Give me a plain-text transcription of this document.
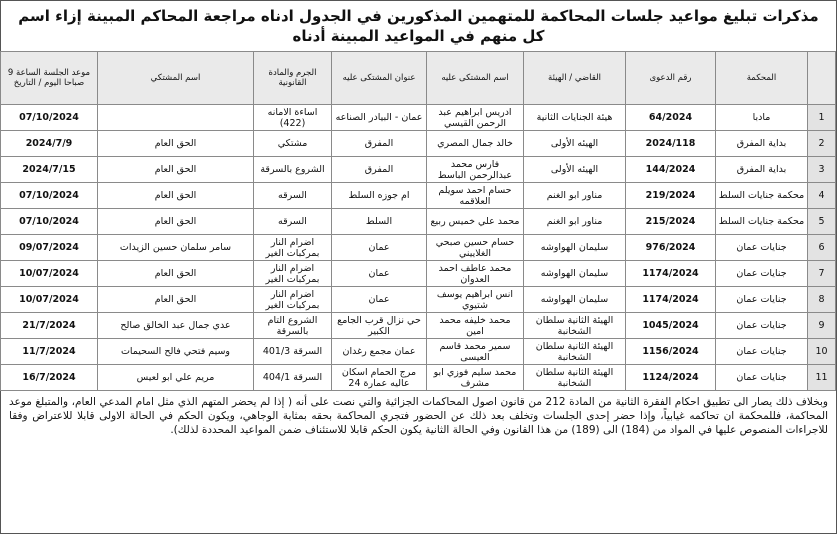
مذكرات تبليغ مواعيد جلسات المحاكمة للمتهمين المذكورين في الجدول ادناه مراجعة المحاكم المبينة إزاء اسم كل منهم في المواعيد المبينة أدناه
	المحكمة	رقم الدعوى	القاضي / الهيئة	اسم المشتكى عليه	عنوان المشتكى عليه	الجرم والمادة القانونية	اسم المشتكي	موعد الجلسة الساعة 9 صباحا اليوم / التاريخ
1	مادبا	64/2024	هيئة الجنايات الثانية	ادريس ابراهيم عبد الرحمن القيسي	عمان - البيادر الصناعه	اساءة الامانه (422)		07/10/2024
2	بداية المفرق	2024/118	الهيئه الأولى	خالد جمال المصري	المفرق	مشتكي	الحق العام	2024/7/9
3	بداية المفرق	144/2024	الهيئه الأولى	فارس محمد عبدالرحمن الباسط	المفرق	الشروع بالسرقة	الحق العام	2024/7/15
4	محكمة جنايات السلط	219/2024	مناور ابو الغنم	حسام احمد سويلم العلاقمه	ام جوزه السلط	السرقه	الحق العام	07/10/2024
5	محكمة جنايات السلط	215/2024	مناور ابو الغنم	محمد علي خميس ربيع	السلط	السرقه	الحق العام	07/10/2024
6	جنايات عمان	976/2024	سليمان الهواوشه	حسام حسين صبحي الغلاييني	عمان	اضرام النار بمركبات الغير	سامر سلمان حسين الزيدات	09/07/2024
7	جنايات عمان	1174/2024	سليمان الهواوشه	محمد عاطف احمد العدوان	عمان	اضرام النار بمركبات الغير	الحق العام	10/07/2024
8	جنايات عمان	1174/2024	سليمان الهواوشه	انس ابراهيم يوسف شتيوي	عمان	اضرام النار بمركبات الغير	الحق العام	10/07/2024
9	جنايات عمان	1045/2024	الهيئة الثانية سلطان الشخانبة	محمد خليفه محمد امين	حي نزال قرب الجامع الكبير	الشروع التام بالسرقة	عدي جمال عبد الخالق صالح	21/7/2024
10	جنايات عمان	1156/2024	الهيئة الثانية سلطان الشخانبة	سمير محمد قاسم العيسى	عمان مجمع رغدان	السرقة 401/3	وسيم فتحي فالح السحيمات	11/7/2024
11	جنايات عمان	1124/2024	الهيئة الثانية سلطان الشخانبة	محمد سليم فوزي ابو مشرف	مرج الحمام اسكان عاليه عمارة 24	السرقة 404/1	مريم علي ابو لعيس	16/7/2024
وبخلاف ذلك يصار الى تطبيق احكام الفقرة الثانية من المادة 212 من قانون اصول المحاكمات الجزائية والتي نصت على أنه ( إذا لم يحضر المتهم الذي مثل امام المدعي العام، والمتبلغ موعد المحاكمة، فللمحكمة ان تحاكمه غيابياً، وإذا حضر إحدى الجلسات وتخلف بعد ذلك عن الحضور فتجري المحاكمة بحقه بمثابة الوجاهي، ويكون الحكم في الحالة الاولى قابلا للاعتراض وفقا للاجراءات المنصوص عليها في المواد من (184) الى (189) من هذا القانون وفي الحالة الثانية يكون الحكم قابلا للاستئناف ضمن المواعيد المحددة لذلك).
